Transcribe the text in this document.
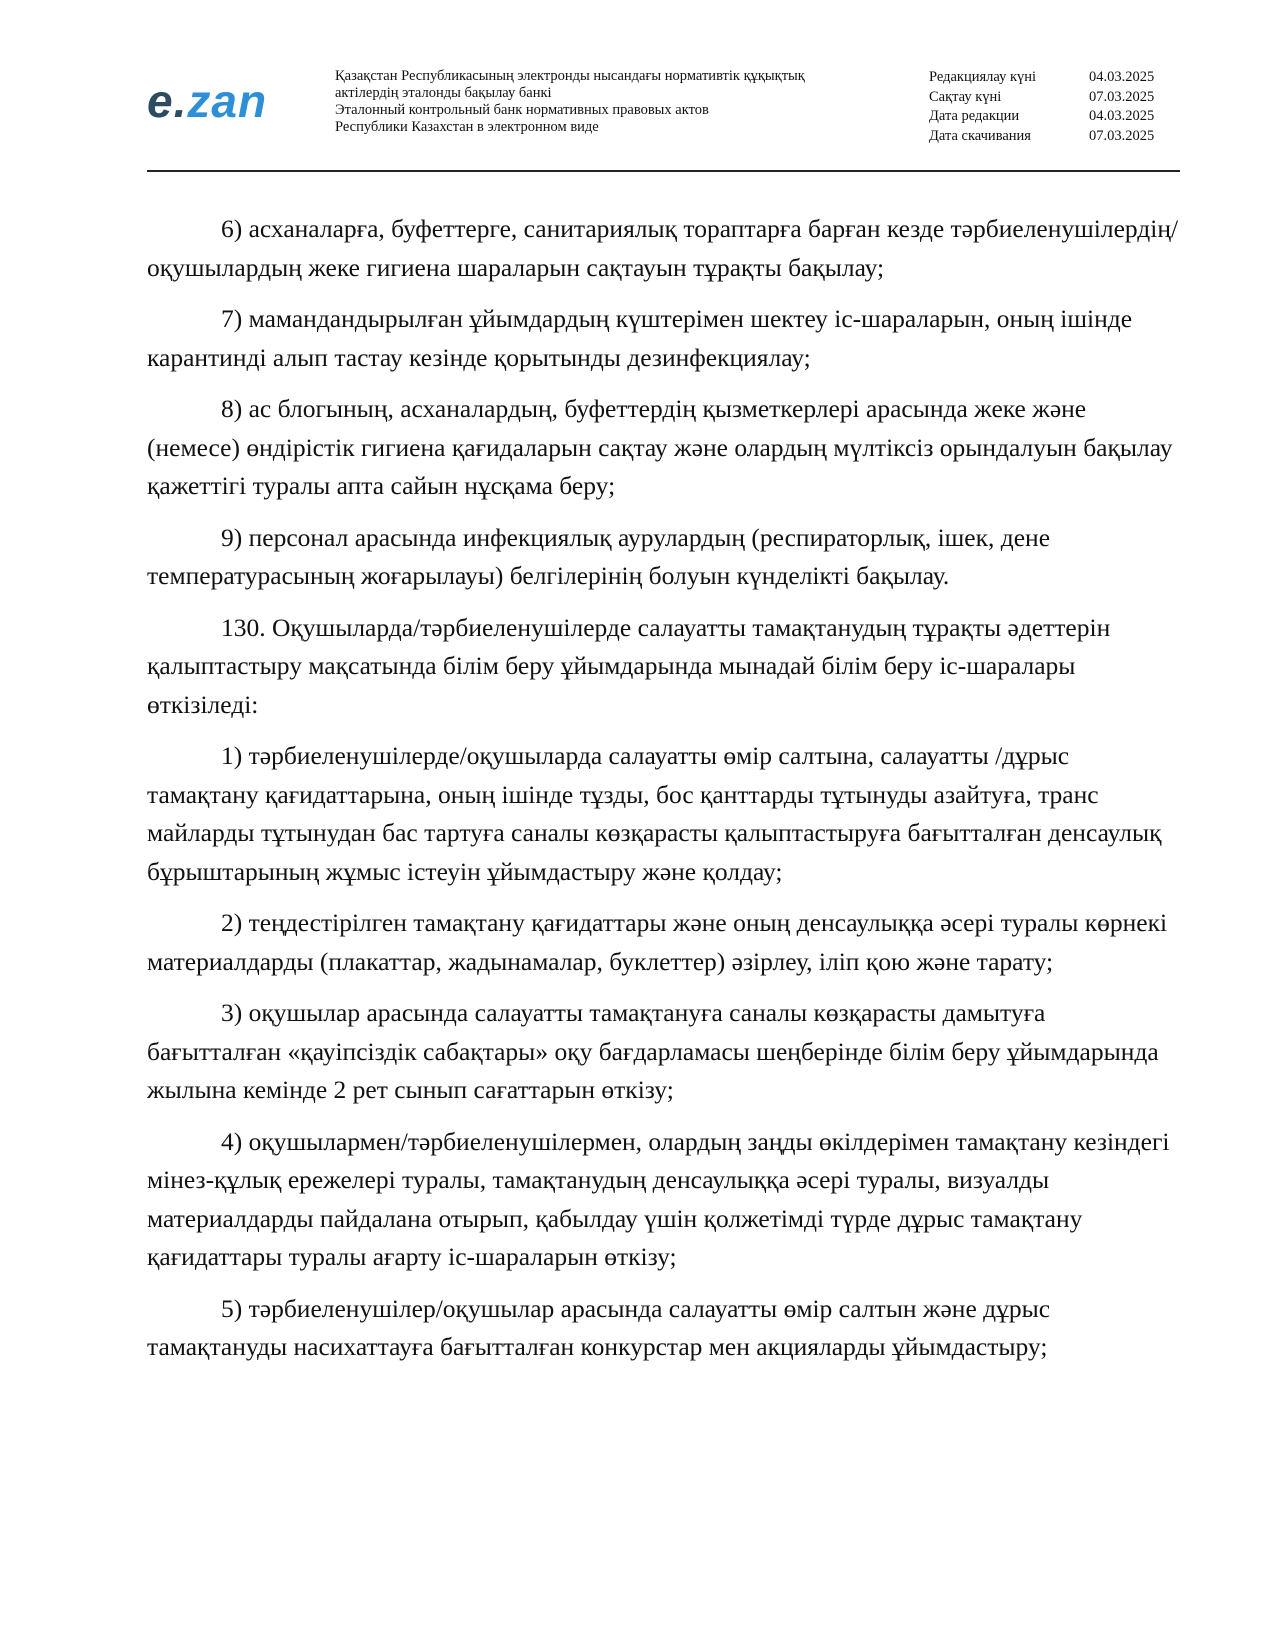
e.zan	Қазақстан Республикасының электронды нысандағы нормативтік құқықтық
актілердің эталонды бақылау банкі
Эталонный контрольный банк нормативных правовых актов
Республики Казахстан в электронном виде
Редакциялау күні	04.03.2025
Сақтау күні	07.03.2025
Дата редакции	04.03.2025
Дата скачивания	07.03.2025

6) асханаларға, буфеттерге, санитариялық тораптарға барған кезде тәрбиеленушілердің/оқушылардың жеке гигиена шараларын сақтауын тұрақты бақылау;

7) мамандандырылған ұйымдардың күштерімен шектеу іс-шараларын, оның ішінде карантинді алып тастау кезінде қорытынды дезинфекциялау;

8) ас блогының, асханалардың, буфеттердің қызметкерлері арасында жеке және (немесе) өндірістік гигиена қағидаларын сақтау және олардың мүлтіксіз орындалуын бақылау қажеттігі туралы апта сайын нұсқама беру;

9) персонал арасында инфекциялық аурулардың (респираторлық, ішек, дене температурасының жоғарылауы) белгілерінің болуын күнделікті бақылау.

130. Оқушыларда/тәрбиеленушілерде салауатты тамақтанудың тұрақты әдеттерін қалыптастыру мақсатында білім беру ұйымдарында мынадай білім беру іс-шаралары өткізіледі:

1) тәрбиеленушілерде/оқушыларда салауатты өмір салтына, салауатты /дұрыс тамақтану қағидаттарына, оның ішінде тұзды, бос қанттарды тұтынуды азайтуға, транс майларды тұтынудан бас тартуға саналы көзқарасты қалыптастыруға бағытталған денсаулық бұрыштарының жұмыс істеуін ұйымдастыру және қолдау;

2) теңдестірілген тамақтану қағидаттары және оның денсаулыққа әсері туралы көрнекі материалдарды (плакаттар, жадынамалар, буклеттер) әзірлеу, іліп қою және тарату;

3) оқушылар арасында салауатты тамақтануға саналы көзқарасты дамытуға бағытталған «қауіпсіздік сабақтары» оқу бағдарламасы шеңберінде білім беру ұйымдарында жылына кемінде 2 рет сынып сағаттарын өткізу;

4) оқушылармен/тәрбиеленушілермен, олардың заңды өкілдерімен тамақтану кезіндегі мінез-құлық ережелері туралы, тамақтанудың денсаулыққа әсері туралы, визуалды материалдарды пайдалана отырып, қабылдау үшін қолжетімді түрде дұрыс тамақтану қағидаттары туралы ағарту іс-шараларын өткізу;

5) тәрбиеленушілер/оқушылар арасында салауатты өмір салтын және дұрыс тамақтануды насихаттауға бағытталған конкурстар мен акцияларды ұйымдастыру;
